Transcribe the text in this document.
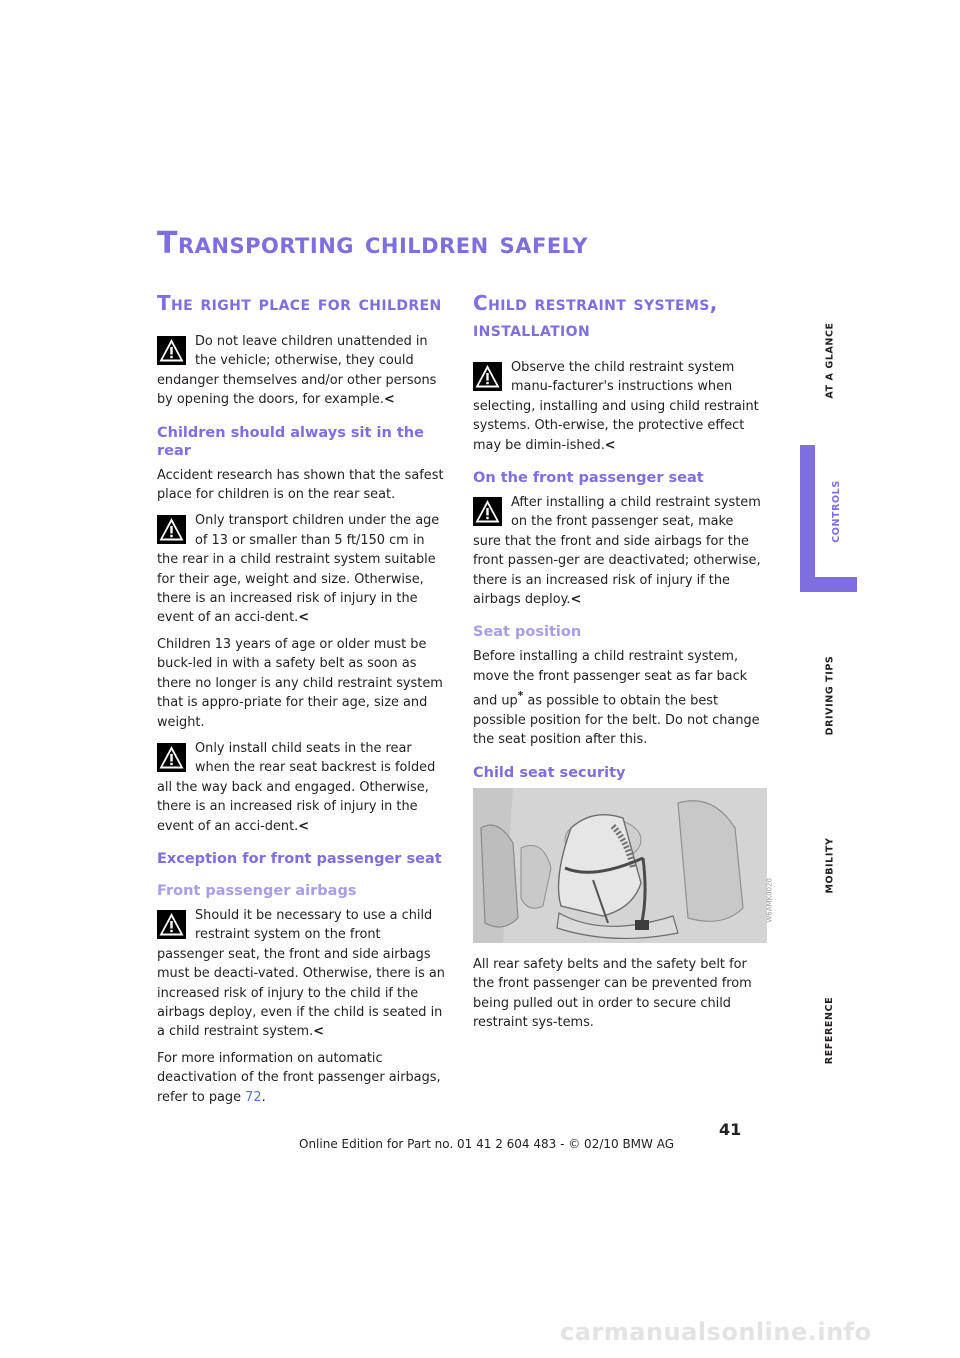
Transporting children safely
The right place for children

Do not leave children unattended in the vehicle; otherwise, they could endanger themselves and/or other persons by opening the doors, for example.<

Children should always sit in the rear

Accident research has shown that the safest place for children is on the rear seat.

Only transport children under the age of 13 or smaller than 5 ft/150 cm in the rear in a child restraint system suitable for their age, weight and size. Otherwise, there is an increased risk of injury in the event of an acci-dent.<

Children 13 years of age or older must be buck-led in with a safety belt as soon as there no longer is any child restraint system that is appro-priate for their age, size and weight.

Only install child seats in the rear when the rear seat backrest is folded all the way back and engaged. Otherwise, there is an increased risk of injury in the event of an acci-dent.<

Exception for front passenger seat
Front passenger airbags

Should it be necessary to use a child restraint system on the front passenger seat, the front and side airbags must be deacti-vated. Otherwise, there is an increased risk of injury to the child if the airbags deploy, even if the child is seated in a child restraint system.<

For more information on automatic deactivation of the front passenger airbags, refer to page 72.

Child restraint systems, installation

Observe the child restraint system manu-facturer's instructions when selecting, installing and using child restraint systems. Oth-erwise, the protective effect may be dimin-ished.<

On the front passenger seat

After installing a child restraint system on the front passenger seat, make sure that the front and side airbags for the front passen-ger are deactivated; otherwise, there is an increased risk of injury if the airbags deploy.<

Seat position

Before installing a child restraint system, move the front passenger seat as far back and up* as possible to obtain the best possible position for the belt. Do not change the seat position after this.

Child seat security
W6AMK0020

All rear safety belts and the safety belt for the front passenger can be prevented from being pulled out in order to secure child restraint sys-tems.

AT A GLANCE
CONTROLS
DRIVING TIPS
MOBILITY
REFERENCE
41
Online Edition for Part no. 01 41 2 604 483 - © 02/10 BMW AG
carmanualsonline.info
